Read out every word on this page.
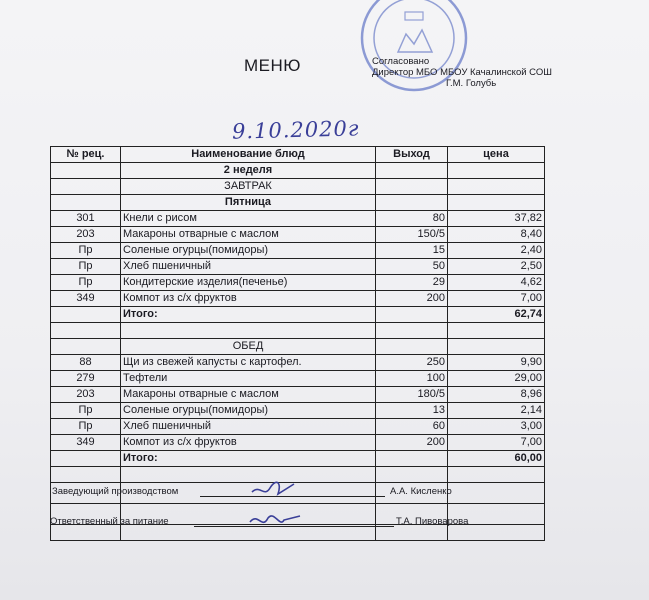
МЕНЮ	Согласовано
Директор МБО МБОУ Качалинской СОШ
Г.М. Голубь
9.10.2020г
№ рец.	Наименование блюд	Выход	цена
	2 неделя		
	ЗАВТРАК		
	Пятница		
301	Кнели с рисом	80	37,82
203	Макароны отварные с маслом	150/5	8,40
Пр	Соленые огурцы(помидоры)	15	2,40
Пр	Хлеб пшеничный	50	2,50
Пр	Кондитерские изделия(печенье)	29	4,62
349	Компот из с/х фруктов	200	7,00
	Итого:		62,74

	ОБЕД		
88	Щи из свежей капусты с картофел.	250	9,90
279	Тефтели	100	29,00
203	Макароны отварные с маслом	180/5	8,96
Пр	Соленые огурцы(помидоры)	13	2,14
Пр	Хлеб пшеничный	60	3,00
349	Компот из с/х фруктов	200	7,00
	Итого:		60,00

Заведующий производством	А.А. Кисленко
Ответственный за питание	Т.А. Пивоварова
